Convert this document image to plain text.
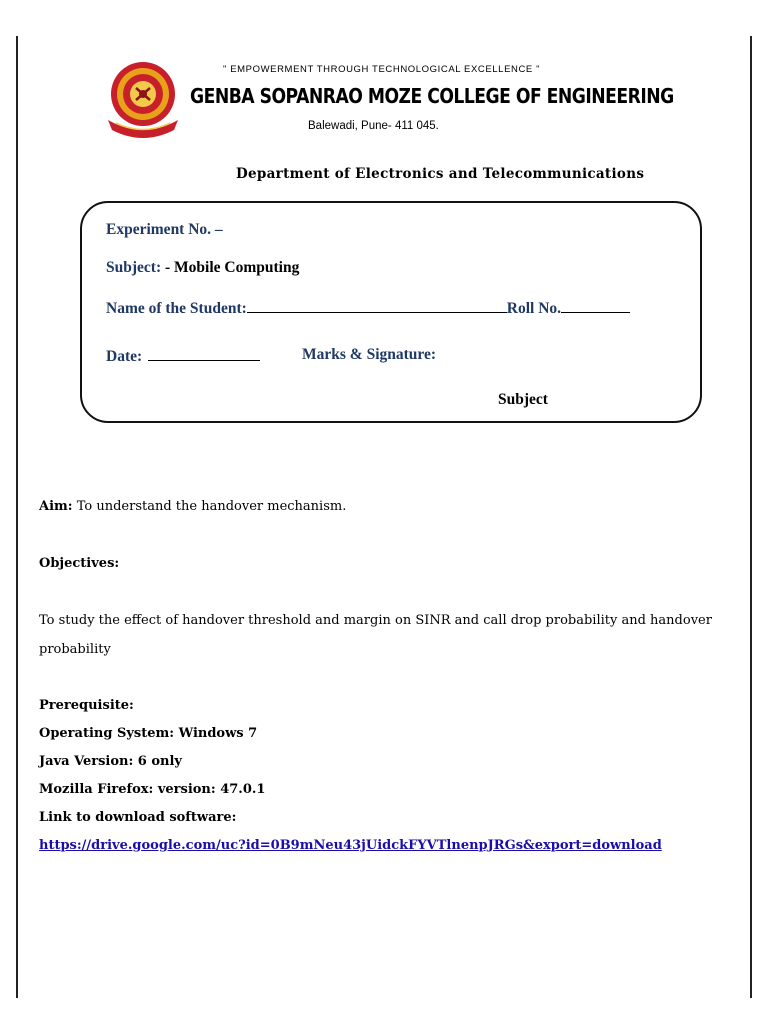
" EMPOWERMENT THROUGH TECHNOLOGICAL EXCELLENCE "
GENBA SOPANRAO MOZE COLLEGE OF ENGINEERING
Balewadi, Pune- 411 045.
Department of Electronics and Telecommunications
Experiment No. –
Subject: - Mobile Computing
Name of the Student:	Roll No.
Date:	Marks & Signature:
Subject
Aim: To understand the handover mechanism.
Objectives:
To study the effect of handover threshold and margin on SINR and call drop probability and handover
probability
Prerequisite:
Operating System: Windows 7
Java Version: 6 only
Mozilla Firefox: version: 47.0.1
Link to download software:
https://drive.google.com/uc?id=0B9mNeu43jUidckFYVTlnenpJRGs&export=download
